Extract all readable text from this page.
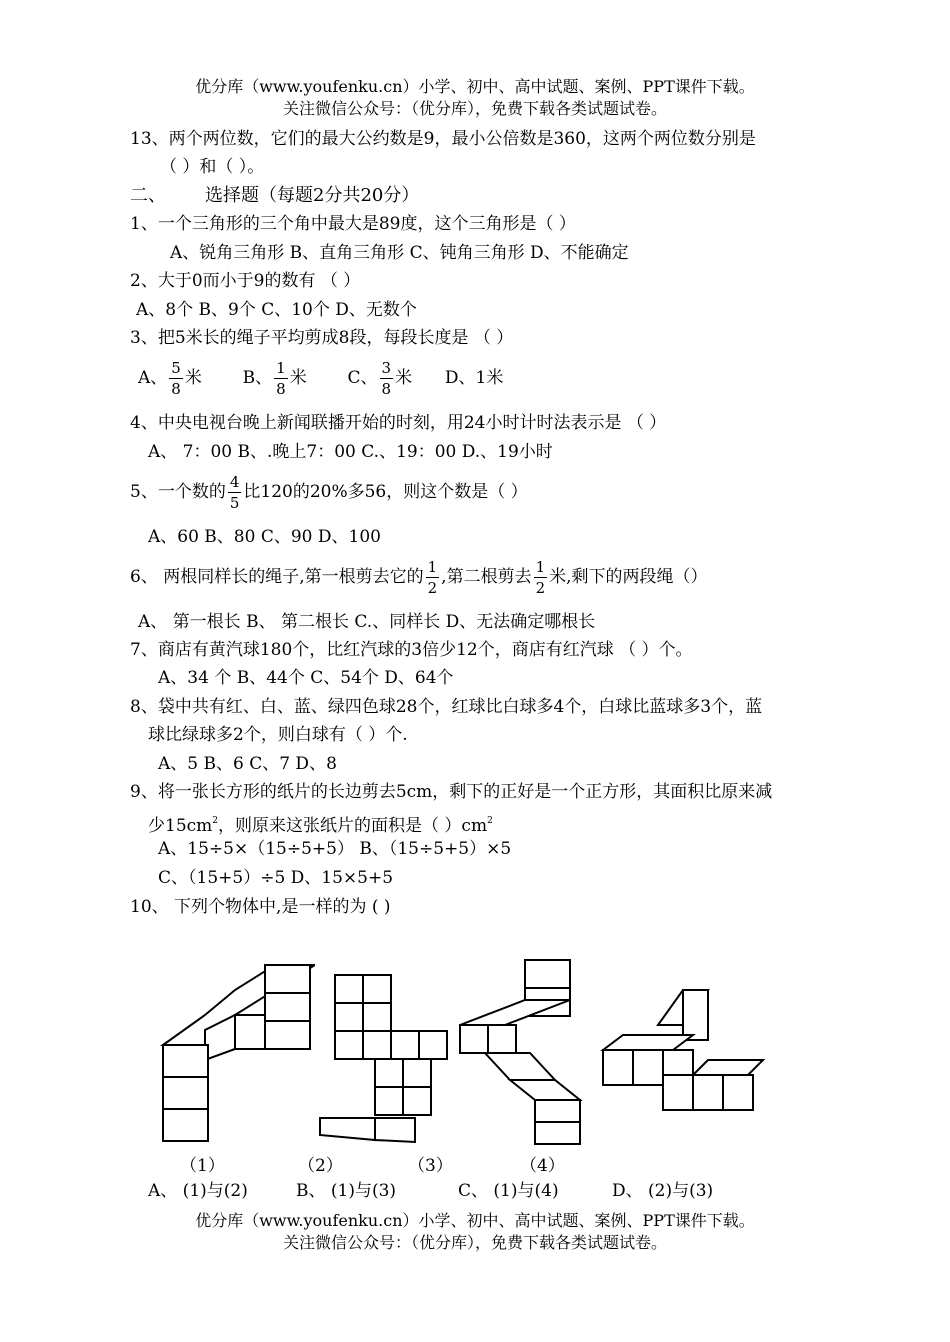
优分库（www.youfenku.cn）小学、初中、高中试题、案例、PPT课件下载。
关注微信公众号：（优分库），免费下载各类试题试卷。
13、两个两位数，它们的最大公约数是9，最小公倍数是360，这两个两位数分别是
（ ）和（ ）。
二、 选择题（每题2分共20分）
1、一个三角形的三个角中最大是89度，这个三角形是（ ）
A、锐角三角形 B、直角三角形 C、钝角三角形 D、不能确定
2、大于0而小于9的数有 （ ）
A、8个 B、9个 C、10个 D、无数个
3、把5米长的绳子平均剪成8段，每段长度是 （ ）
A、 $\frac{5}{8}$ 米 B、 $\frac{1}{8}$ 米 C、 $\frac{3}{8}$ 米 D、1米
4、中央电视台晚上新闻联播开始的时刻，用24小时计时法表示是 （ ）
A、 7：00 B、.晚上7：00 C.、19：00 D.、19小时
5、一个数的 $\frac{4}{5}$ 比120的20%多56，则这个数是（ ）
A、60 B、80 C、90 D、100
6、 两根同样长的绳子,第一根剪去它的 $\frac{1}{2}$ ,第二根剪去 $\frac{1}{2}$ 米,剩下的两段绳（）
A、 第一根长 B、 第二根长 C.、同样长 D、无法确定哪根长
7、商店有黄汽球180个，比红汽球的3倍少12个，商店有红汽球 （ ）个。
A、34 个 B、44个 C、54个 D、64个
8、袋中共有红、白、蓝、绿四色球28个，红球比白球多4个，白球比蓝球多3个，蓝
球比绿球多2个，则白球有（ ）个.
A、5 B、6 C、7 D、8
9、将一张长方形的纸片的长边剪去5cm，剩下的正好是一个正方形，其面积比原来减
少$15cm^2$，则原来这张纸片的面积是（ ）$cm^2$
A、15÷5×（15÷5+5） B、（15÷5+5）×5
C、（15+5）÷5 D、15×5+5
10、 下列个物体中,是一样的为 ( )
（1）	（2）	（3）	（4）
A、 (1)与(2)	B、 (1)与(3)	C、 (1)与(4)	D、 (2)与(3)
优分库（www.youfenku.cn）小学、初中、高中试题、案例、PPT课件下载。
关注微信公众号：（优分库），免费下载各类试题试卷。
